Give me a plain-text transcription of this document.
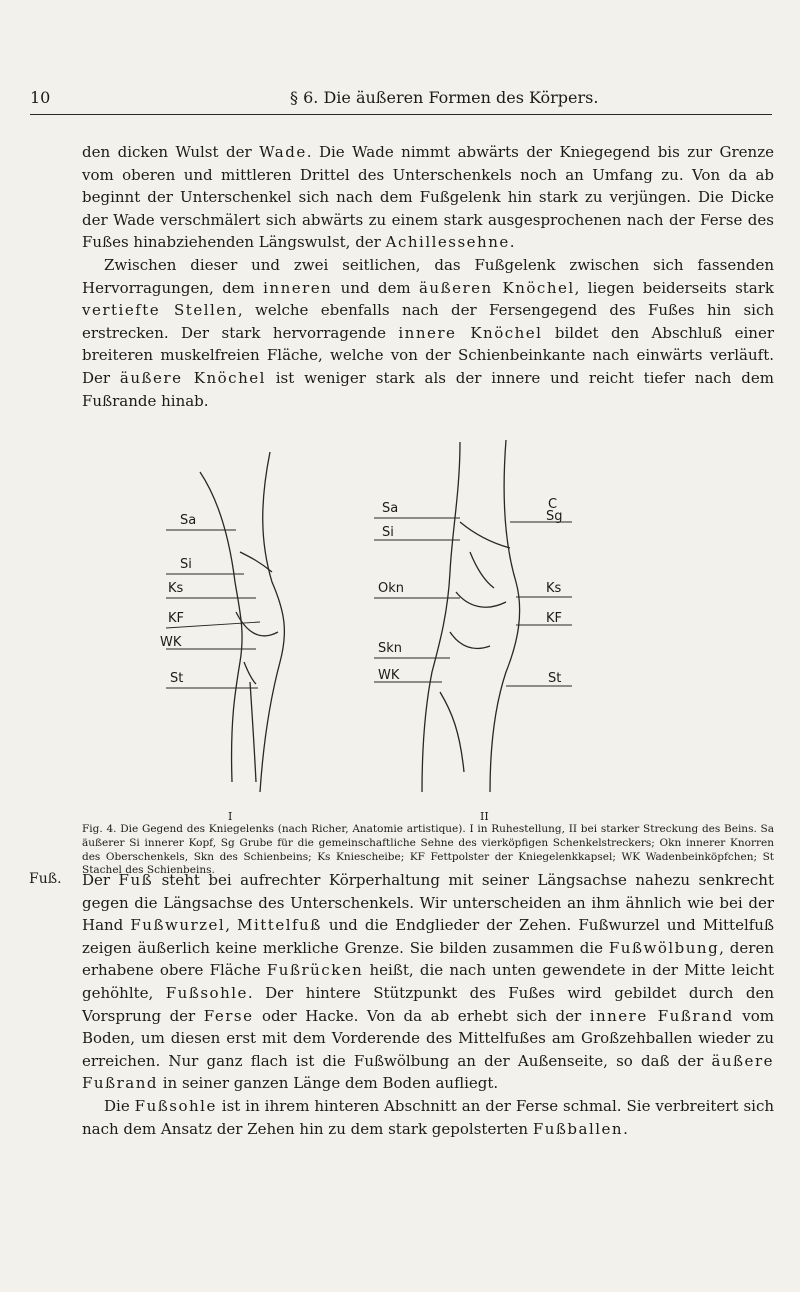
10	§ 6. Die äußeren Formen des Körpers.

den dicken Wulst der Wade. Die Wade nimmt abwärts der Kniegegend bis zur Grenze vom oberen und mittleren Drittel des Unterschenkels noch an Umfang zu. Von da ab beginnt der Unterschenkel sich nach dem Fußgelenk hin stark zu verjüngen. Die Dicke der Wade verschmälert sich abwärts zu einem stark ausgesprochenen nach der Ferse des Fußes hinabziehenden Längswulst, der Achillessehne.

Zwischen dieser und zwei seitlichen, das Fußgelenk zwischen sich fassenden Hervorragungen, dem inneren und dem äußeren Knöchel, liegen beiderseits stark vertiefte Stellen, welche ebenfalls nach der Fersengegend des Fußes hin sich erstrecken. Der stark hervorragende innere Knöchel bildet den Abschluß einer breiteren muskelfreien Fläche, welche von der Schienbeinkante nach einwärts verläuft. Der äußere Knöchel ist weniger stark als der innere und reicht tiefer nach dem Fußrande hinab.

Sa
Si
Ks
KF
WK
St
Sa
Si
Okn
Skn
WK
C
Sg
Ks
KF
St
I	II

Fig. 4. Die Gegend des Kniegelenks (nach Richer, Anatomie artistique). I in Ruhestellung, II bei starker Streckung des Beins. Sa äußerer Si innerer Kopf, Sg Grube für die gemeinschaftliche Sehne des vierköpfigen Schenkelstreckers; Okn innerer Knorren des Oberschenkels, Skn des Schienbeins; Ks Kniescheibe; KF Fettpolster der Kniegelenkkapsel; WK Wadenbeinköpfchen; St Stachel des Schienbeins.

Fuß. Der Fuß steht bei aufrechter Körperhaltung mit seiner Längsachse nahezu senkrecht gegen die Längsachse des Unterschenkels. Wir unterscheiden an ihm ähnlich wie bei der Hand Fußwurzel, Mittelfuß und die Endglieder der Zehen. Fußwurzel und Mittelfuß zeigen äußerlich keine merkliche Grenze. Sie bilden zusammen die Fußwölbung, deren erhabene obere Fläche Fußrücken heißt, die nach unten gewendete in der Mitte leicht gehöhlte, Fußsohle. Der hintere Stützpunkt des Fußes wird gebildet durch den Vorsprung der Ferse oder Hacke. Von da ab erhebt sich der innere Fußrand vom Boden, um diesen erst mit dem Vorderende des Mittelfußes am Großzehballen wieder zu erreichen. Nur ganz flach ist die Fußwölbung an der Außenseite, so daß der äußere Fußrand in seiner ganzen Länge dem Boden aufliegt.

Die Fußsohle ist in ihrem hinteren Abschnitt an der Ferse schmal. Sie verbreitert sich nach dem Ansatz der Zehen hin zu dem stark gepolsterten Fußballen.
